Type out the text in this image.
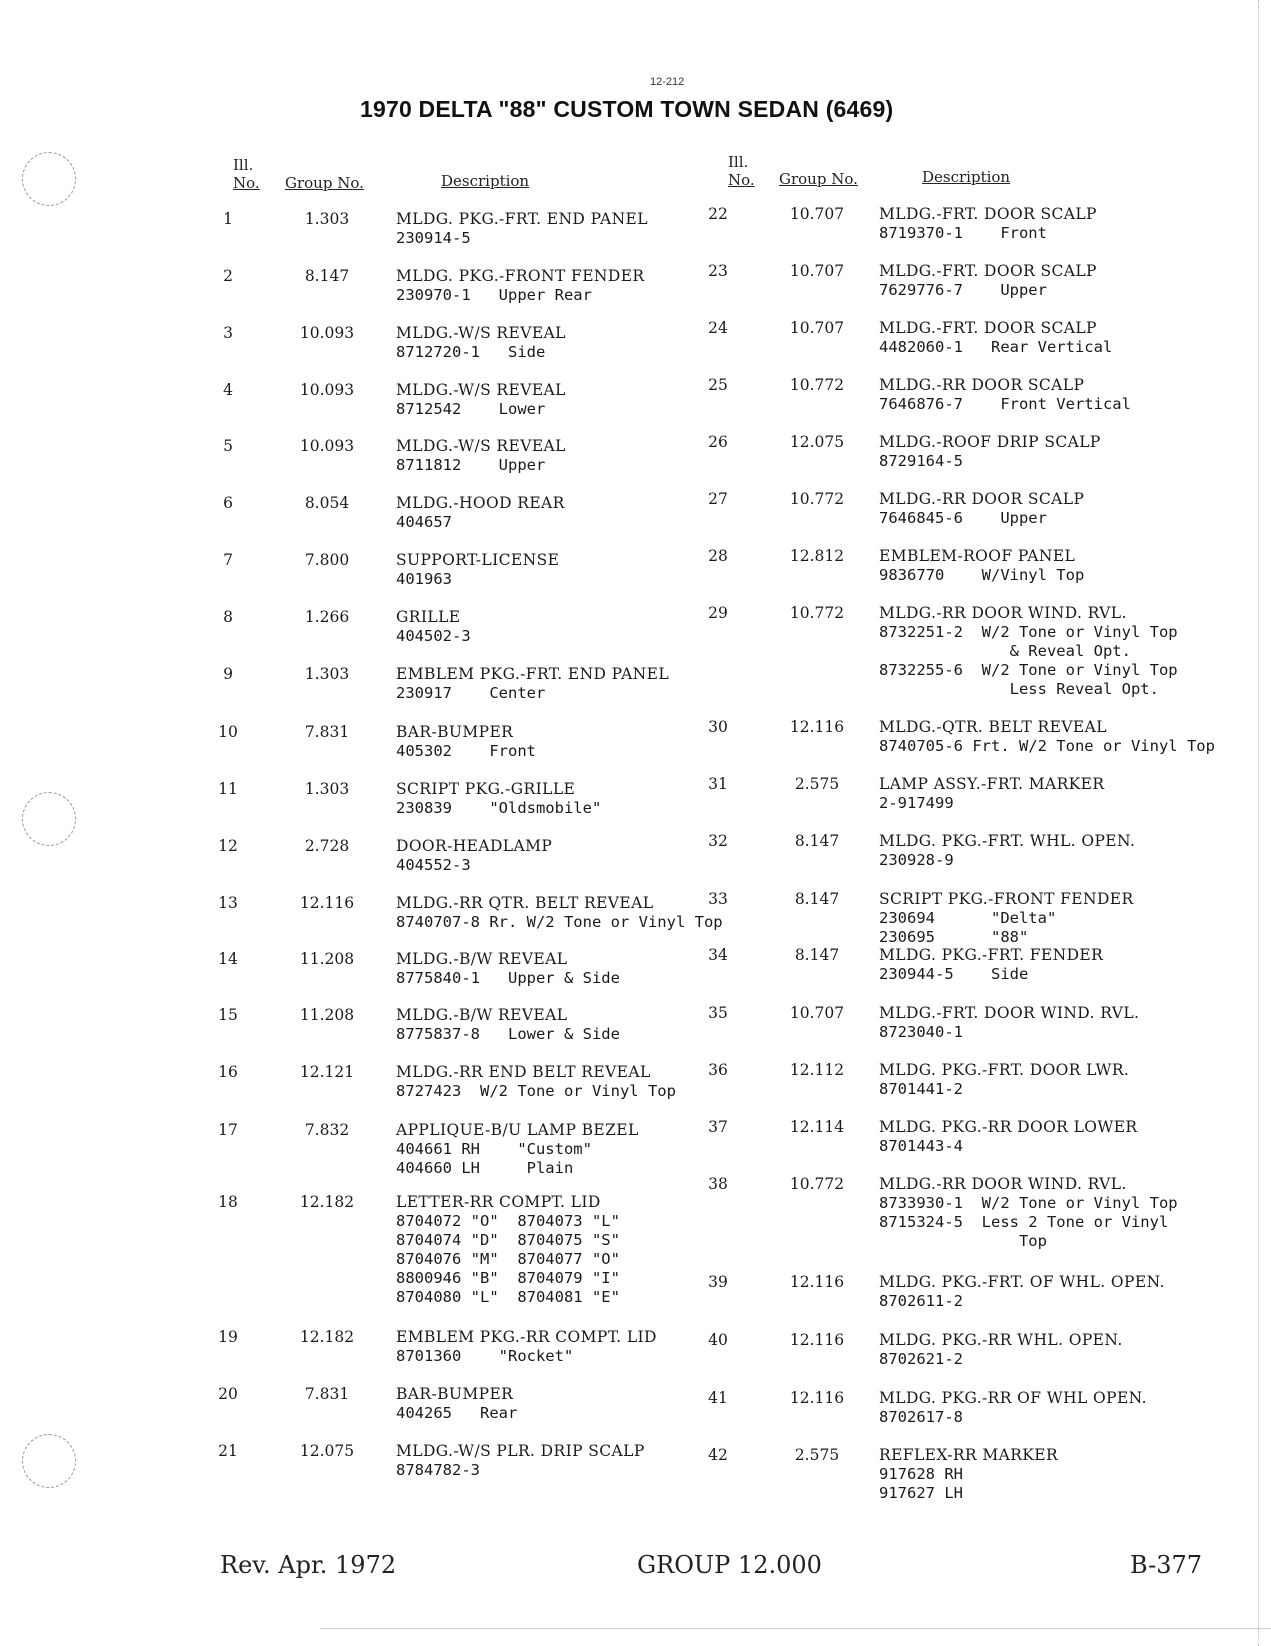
12-212
1970 DELTA "88" CUSTOM TOWN SEDAN (6469)
Ill.
No. Group No.	Description
Ill.
No. Group No.	Description
1	1.303	MLDG. PKG.-FRT. END PANEL
230914-5
2	8.147	MLDG. PKG.-FRONT FENDER
230970-1   Upper Rear
3	10.093	MLDG.-W/S REVEAL
8712720-1   Side
4	10.093	MLDG.-W/S REVEAL
8712542    Lower
5	10.093	MLDG.-W/S REVEAL
8711812    Upper
6	8.054	MLDG.-HOOD REAR
404657
7	7.800	SUPPORT-LICENSE
401963
8	1.266	GRILLE
404502-3
9	1.303	EMBLEM PKG.-FRT. END PANEL
230917    Center
10	7.831	BAR-BUMPER
405302    Front
11	1.303	SCRIPT PKG.-GRILLE
230839    "Oldsmobile"
12	2.728	DOOR-HEADLAMP
404552-3
13	12.116	MLDG.-RR QTR. BELT REVEAL
8740707-8 Rr. W/2 Tone or Vinyl Top
14	11.208	MLDG.-B/W REVEAL
8775840-1   Upper & Side
15	11.208	MLDG.-B/W REVEAL
8775837-8   Lower & Side
16	12.121	MLDG.-RR END BELT REVEAL
8727423  W/2 Tone or Vinyl Top
17	7.832	APPLIQUE-B/U LAMP BEZEL
404661 RH    "Custom"
404660 LH     Plain
18	12.182	LETTER-RR COMPT. LID
8704072 "O"  8704073 "L"
8704074 "D"  8704075 "S"
8704076 "M"  8704077 "O"
8800946 "B"  8704079 "I"
8704080 "L"  8704081 "E"
19	12.182	EMBLEM PKG.-RR COMPT. LID
8701360    "Rocket"
20	7.831	BAR-BUMPER
404265   Rear
21	12.075	MLDG.-W/S PLR. DRIP SCALP
8784782-3
22	10.707	MLDG.-FRT. DOOR SCALP
8719370-1    Front
23	10.707	MLDG.-FRT. DOOR SCALP
7629776-7    Upper
24	10.707	MLDG.-FRT. DOOR SCALP
4482060-1   Rear Vertical
25	10.772	MLDG.-RR DOOR SCALP
7646876-7    Front Vertical
26	12.075	MLDG.-ROOF DRIP SCALP
8729164-5
27	10.772	MLDG.-RR DOOR SCALP
7646845-6    Upper
28	12.812	EMBLEM-ROOF PANEL
9836770    W/Vinyl Top
29	10.772	MLDG.-RR DOOR WIND. RVL.
8732251-2  W/2 Tone or Vinyl Top
& Reveal Opt.
8732255-6  W/2 Tone or Vinyl Top
Less Reveal Opt.
30	12.116	MLDG.-QTR. BELT REVEAL
8740705-6 Frt. W/2 Tone or Vinyl Top
31	2.575	LAMP ASSY.-FRT. MARKER
2-917499
32	8.147	MLDG. PKG.-FRT. WHL. OPEN.
230928-9
33	8.147	SCRIPT PKG.-FRONT FENDER
230694      "Delta"
230695      "88"
34	8.147	MLDG. PKG.-FRT. FENDER
230944-5    Side
35	10.707	MLDG.-FRT. DOOR WIND. RVL.
8723040-1
36	12.112	MLDG. PKG.-FRT. DOOR LWR.
8701441-2
37	12.114	MLDG. PKG.-RR DOOR LOWER
8701443-4
38	10.772	MLDG.-RR DOOR WIND. RVL.
8733930-1  W/2 Tone or Vinyl Top
8715324-5  Less 2 Tone or Vinyl
Top
39	12.116	MLDG. PKG.-FRT. OF WHL. OPEN.
8702611-2
40	12.116	MLDG. PKG.-RR WHL. OPEN.
8702621-2
41	12.116	MLDG. PKG.-RR OF WHL OPEN.
8702617-8
42	2.575	REFLEX-RR MARKER
917628 RH
917627 LH
Rev. Apr. 1972	GROUP 12.000	B-377
